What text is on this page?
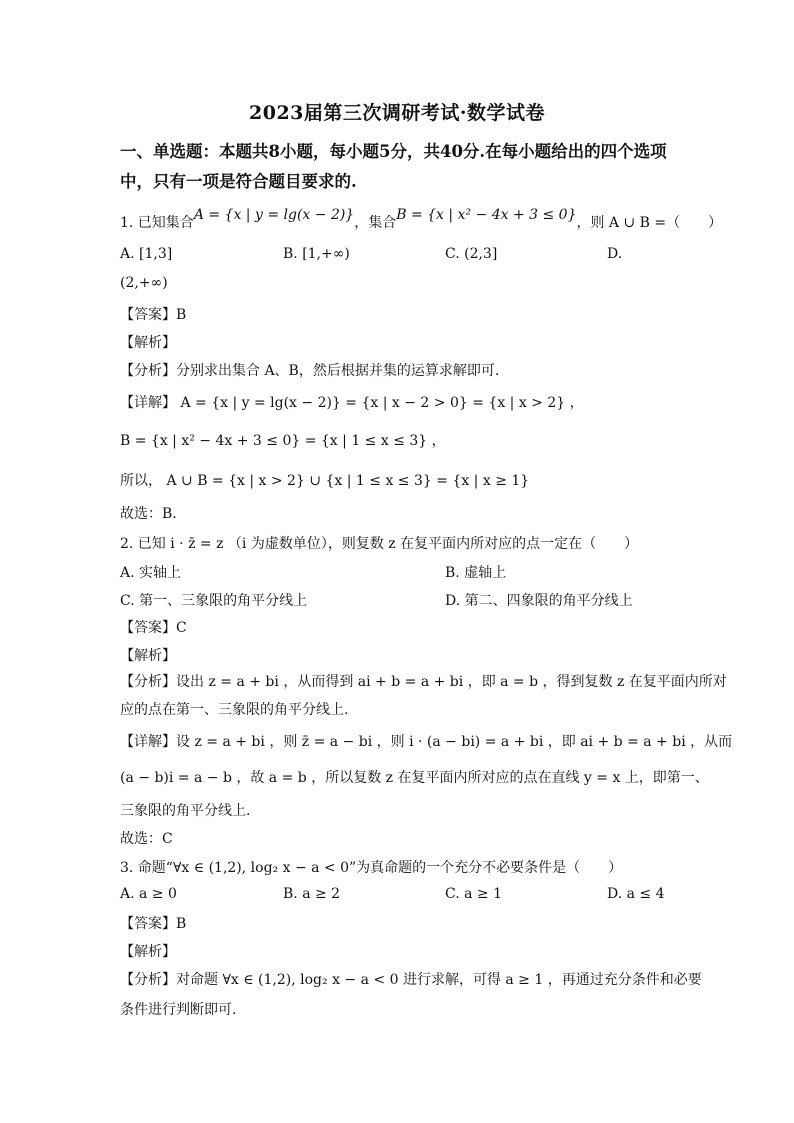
2023届第三次调研考试·数学试卷
一、单选题：本题共8小题，每小题5分，共40分.在每小题给出的四个选项
中，只有一项是符合题目要求的.
1. 已知集合A = {x | y = lg(x − 2)}，集合B = {x | x² − 4x + 3 ≤ 0}，则 A ∪ B =（　　）
A. [1,3]	B. [1,+∞)	C. (2,3]	D.
(2,+∞)
【答案】B
【解析】
【分析】分别求出集合 A、B，然后根据并集的运算求解即可.
【详解】 A = {x | y = lg(x − 2)} = {x | x − 2 > 0} = {x | x > 2} ，
B = {x | x² − 4x + 3 ≤ 0} = {x | 1 ≤ x ≤ 3} ，
所以， A ∪ B = {x | x > 2} ∪ {x | 1 ≤ x ≤ 3} = {x | x ≥ 1}
故选：B.
2. 已知 i · z̄ = z （i 为虚数单位），则复数 z 在复平面内所对应的点一定在（　　）
A. 实轴上	B. 虚轴上
C. 第一、三象限的角平分线上	D. 第二、四象限的角平分线上
【答案】C
【解析】
【分析】设出 z = a + bi ，从而得到 ai + b = a + bi ，即 a = b ，得到复数 z 在复平面内所对
应的点在第一、三象限的角平分线上.
【详解】设 z = a + bi ，则 z̄ = a − bi ，则 i · (a − bi) = a + bi ，即 ai + b = a + bi ，从而
(a − b)i = a − b ，故 a = b ，所以复数 z 在复平面内所对应的点在直线 y = x 上，即第一、
三象限的角平分线上.
故选：C
3. 命题“∀x ∈ (1,2), log₂ x − a < 0”为真命题的一个充分不必要条件是（　　）
A. a ≥ 0	B. a ≥ 2	C. a ≥ 1	D. a ≤ 4
【答案】B
【解析】
【分析】对命题 ∀x ∈ (1,2), log₂ x − a < 0 进行求解，可得 a ≥ 1 ，再通过充分条件和必要
条件进行判断即可.
